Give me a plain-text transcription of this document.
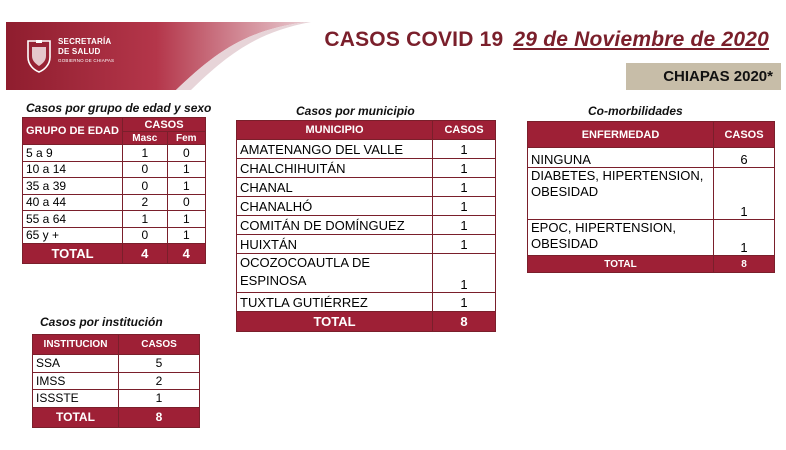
SECRETARÍA
DE SALUD
GOBIERNO DE CHIAPAS
CASOS COVID 19 29 de Noviembre de 2020
CHIAPAS 2020*
Casos por grupo de edad y sexo
GRUPO DE EDAD	CASOS	
	Masc	Fem
5 a 9	1	0
10 a 14	0	1
35 a 39	0	1
40 a 44	2	0
55 a 64	1	1
65 y +	0	1
TOTAL	4	4
Casos por institución
INSTITUCION	CASOS
SSA	5
IMSS	2
ISSSTE	1
TOTAL	8
Casos por municipio
MUNICIPIO	CASOS
AMATENANGO DEL VALLE	1
CHALCHIHUITÁN	1
CHANAL	1
CHANALHÓ	1
COMITÁN DE DOMÍNGUEZ	1
HUIXTÁN	1
OCOZOCOAUTLA DE ESPINOSA	1
TUXTLA GUTIÉRREZ	1
TOTAL	8
Co-morbilidades
ENFERMEDAD	CASOS
NINGUNA	6
DIABETES, HIPERTENSION, OBESIDAD	1
EPOC, HIPERTENSION, OBESIDAD	1
TOTAL	8
